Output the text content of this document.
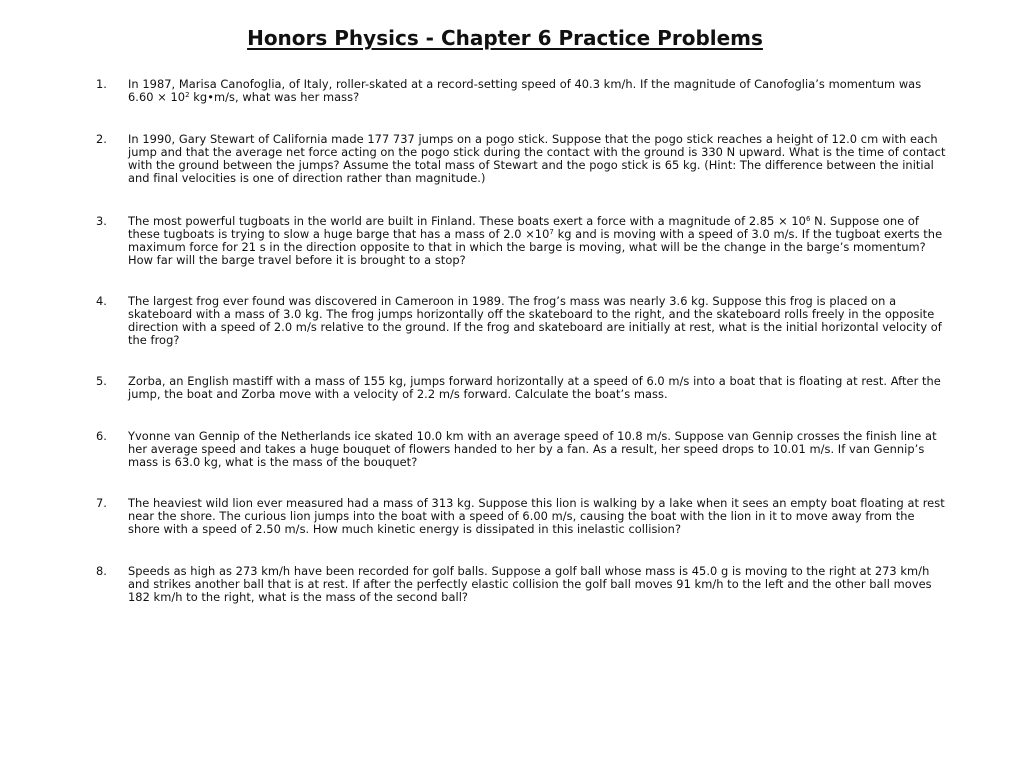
Honors Physics - Chapter 6 Practice Problems
1.	In 1987, Marisa Canofoglia, of Italy, roller-skated at a record-setting speed of 40.3 km/h. If the magnitude of Canofoglia’s momentum was $6.60 \times 10^2$ kg•m/s, what was her mass?
2.	In 1990, Gary Stewart of California made 177 737 jumps on a pogo stick. Suppose that the pogo stick reaches a height of 12.0 cm with each jump and that the average net force acting on the pogo stick during the contact with the ground is 330 N upward. What is the time of contact with the ground between the jumps? Assume the total mass of Stewart and the pogo stick is 65 kg. (Hint: The difference between the initial and final velocities is one of direction rather than magnitude.)
3.	The most powerful tugboats in the world are built in Finland. These boats exert a force with a magnitude of $2.85 \times 10^6$ N. Suppose one of these tugboats is trying to slow a huge barge that has a mass of $2.0 \times 10^7$ kg and is moving with a speed of 3.0 m/s. If the tugboat exerts the maximum force for 21 s in the direction opposite to that in which the barge is moving, what will be the change in the barge’s momentum? How far will the barge travel before it is brought to a stop?
4.	The largest frog ever found was discovered in Cameroon in 1989. The frog’s mass was nearly 3.6 kg. Suppose this frog is placed on a skateboard with a mass of 3.0 kg. The frog jumps horizontally off the skateboard to the right, and the skateboard rolls freely in the opposite direction with a speed of 2.0 m/s relative to the ground. If the frog and skateboard are initially at rest, what is the initial horizontal velocity of the frog?
5.	Zorba, an English mastiff with a mass of 155 kg, jumps forward horizontally at a speed of 6.0 m/s into a boat that is floating at rest. After the jump, the boat and Zorba move with a velocity of 2.2 m/s forward. Calculate the boat’s mass.
6.	Yvonne van Gennip of the Netherlands ice skated 10.0 km with an average speed of 10.8 m/s. Suppose van Gennip crosses the finish line at her average speed and takes a huge bouquet of flowers handed to her by a fan. As a result, her speed drops to 10.01 m/s. If van Gennip’s mass is 63.0 kg, what is the mass of the bouquet?
7.	The heaviest wild lion ever measured had a mass of 313 kg. Suppose this lion is walking by a lake when it sees an empty boat floating at rest near the shore. The curious lion jumps into the boat with a speed of 6.00 m/s, causing the boat with the lion in it to move away from the shore with a speed of 2.50 m/s. How much kinetic energy is dissipated in this inelastic collision?
8.	Speeds as high as 273 km/h have been recorded for golf balls. Suppose a golf ball whose mass is 45.0 g is moving to the right at 273 km/h and strikes another ball that is at rest. If after the perfectly elastic collision the golf ball moves 91 km/h to the left and the other ball moves 182 km/h to the right, what is the mass of the second ball?
